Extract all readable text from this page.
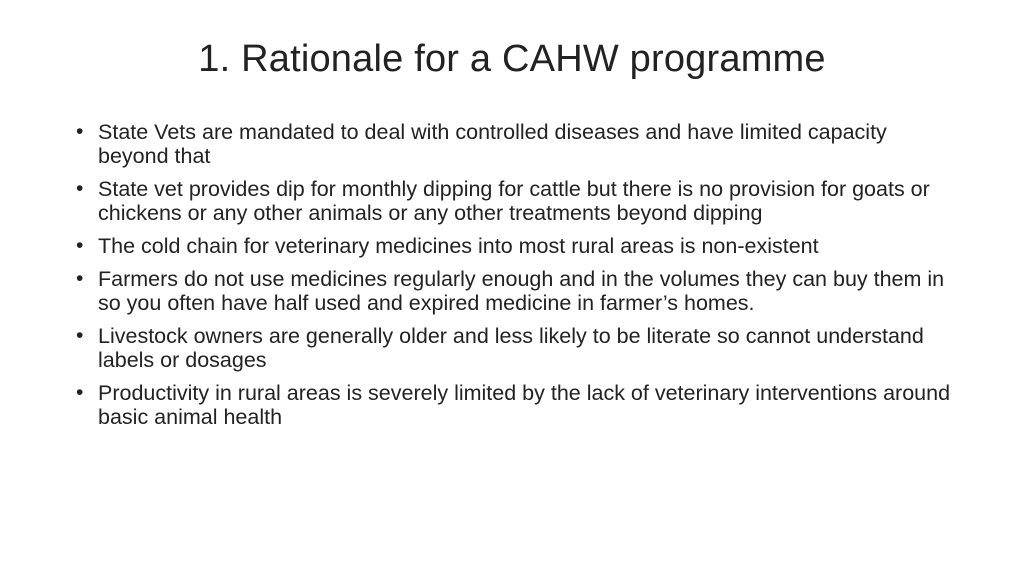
1. Rationale for a CAHW programme
• State Vets are mandated to deal with controlled diseases and have limited capacity beyond that
• State vet provides dip for monthly dipping for cattle but there is no provision for goats or chickens or any other animals or any other treatments beyond dipping
• The cold chain for veterinary medicines into most rural areas is non-existent
• Farmers do not use medicines regularly enough and in the volumes they can buy them in so you often have half used and expired medicine in farmer’s homes.
• Livestock owners are generally older and less likely to be literate so cannot understand labels or dosages
• Productivity in rural areas is severely limited by the lack of veterinary interventions around basic animal health
